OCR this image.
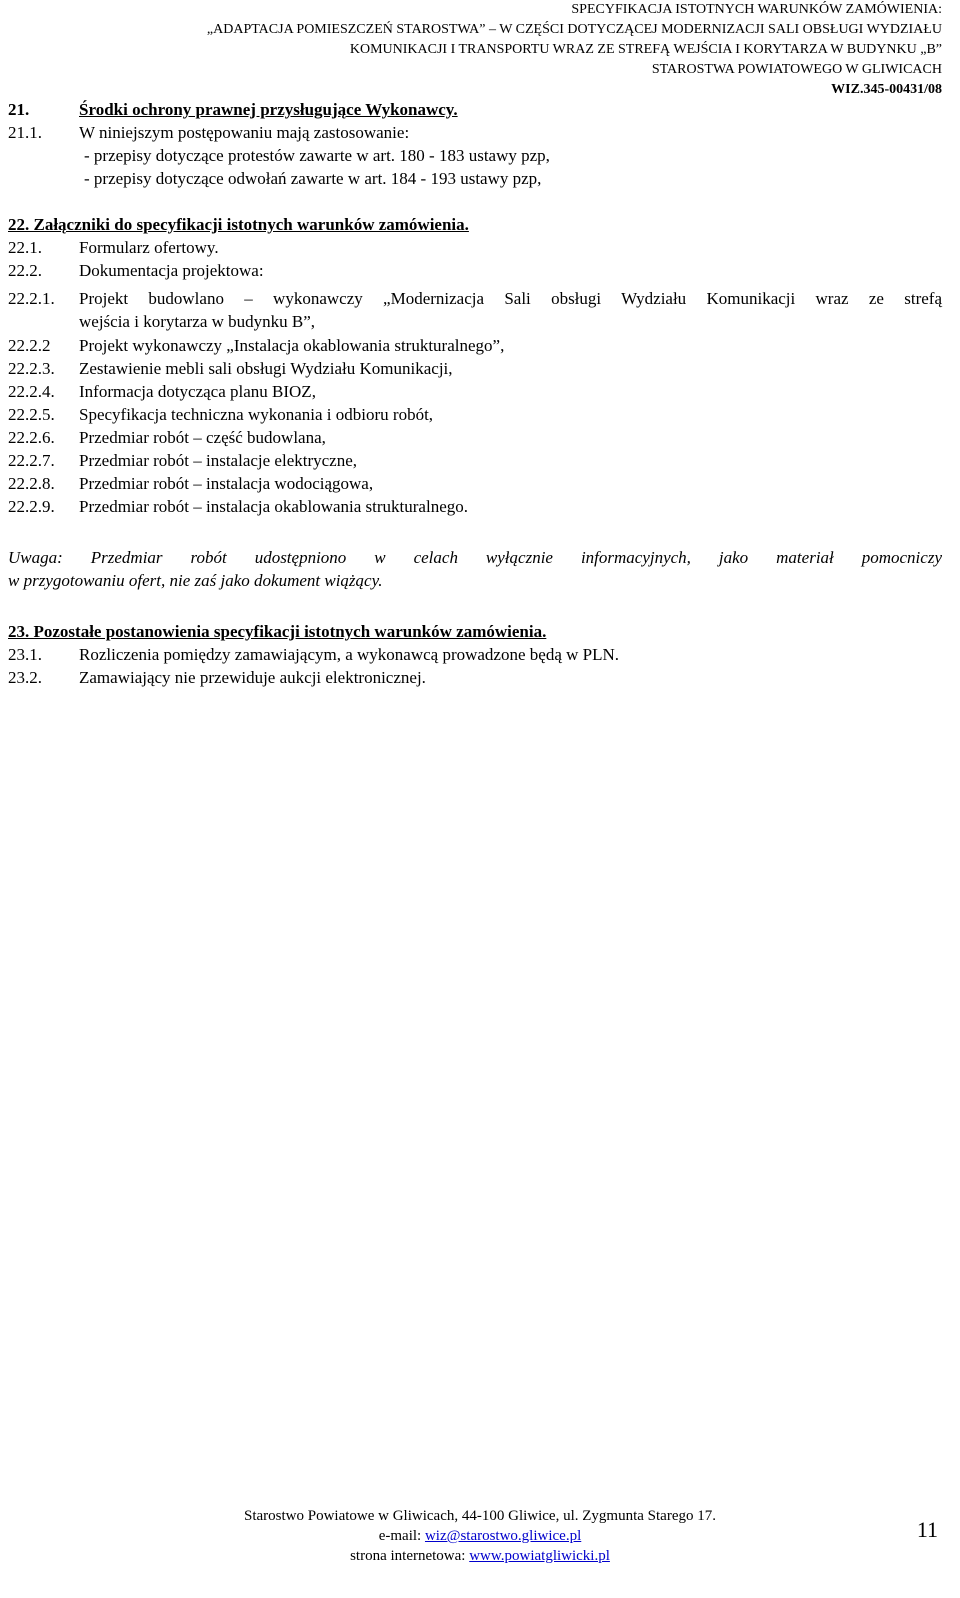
SPECYFIKACJA ISTOTNYCH WARUNKÓW ZAMÓWIENIA:
„ADAPTACJA POMIESZCZEŃ STAROSTWA” – W CZĘŚCI DOTYCZĄCEJ MODERNIZACJI SALI OBSŁUGI WYDZIAŁU
KOMUNIKACJI I TRANSPORTU WRAZ ZE STREFĄ WEJŚCIA I KORYTARZA W BUDYNKU „B”
STAROSTWA POWIATOWEGO W GLIWICACH
WIZ.345-00431/08
21.	Środki ochrony prawnej przysługujące Wykonawcy.
21.1. W niniejszym postępowaniu mają zastosowanie:
- przepisy dotyczące protestów zawarte w art. 180 - 183 ustawy pzp,
- przepisy dotyczące odwołań zawarte w art. 184 - 193 ustawy pzp,
22. Załączniki do specyfikacji istotnych warunków zamówienia.
22.1. Formularz ofertowy.
22.2. Dokumentacja projektowa:
22.2.1. Projekt budowlano – wykonawczy „Modernizacja Sali obsługi Wydziału Komunikacji wraz ze strefą
wejścia i korytarza w budynku B”,
22.2.2 Projekt wykonawczy „Instalacja okablowania strukturalnego”,
22.2.3. Zestawienie mebli sali obsługi Wydziału Komunikacji,
22.2.4. Informacja dotycząca planu BIOZ,
22.2.5. Specyfikacja techniczna wykonania i odbioru robót,
22.2.6. Przedmiar robót – część budowlana,
22.2.7. Przedmiar robót – instalacje elektryczne,
22.2.8. Przedmiar robót – instalacja wodociągowa,
22.2.9. Przedmiar robót – instalacja okablowania strukturalnego.
Uwaga: Przedmiar robót udostępniono w celach wyłącznie informacyjnych, jako materiał pomocniczy
w przygotowaniu ofert, nie zaś jako dokument wiążący.
23. Pozostałe postanowienia specyfikacji istotnych warunków zamówienia.
23.1. Rozliczenia pomiędzy zamawiającym, a wykonawcą prowadzone będą w PLN.
23.2. Zamawiający nie przewiduje aukcji elektronicznej.
Starostwo Powiatowe w Gliwicach, 44-100 Gliwice, ul. Zygmunta Starego 17.
e-mail: wiz@starostwo.gliwice.pl
strona internetowa: www.powiatgliwicki.pl
11
